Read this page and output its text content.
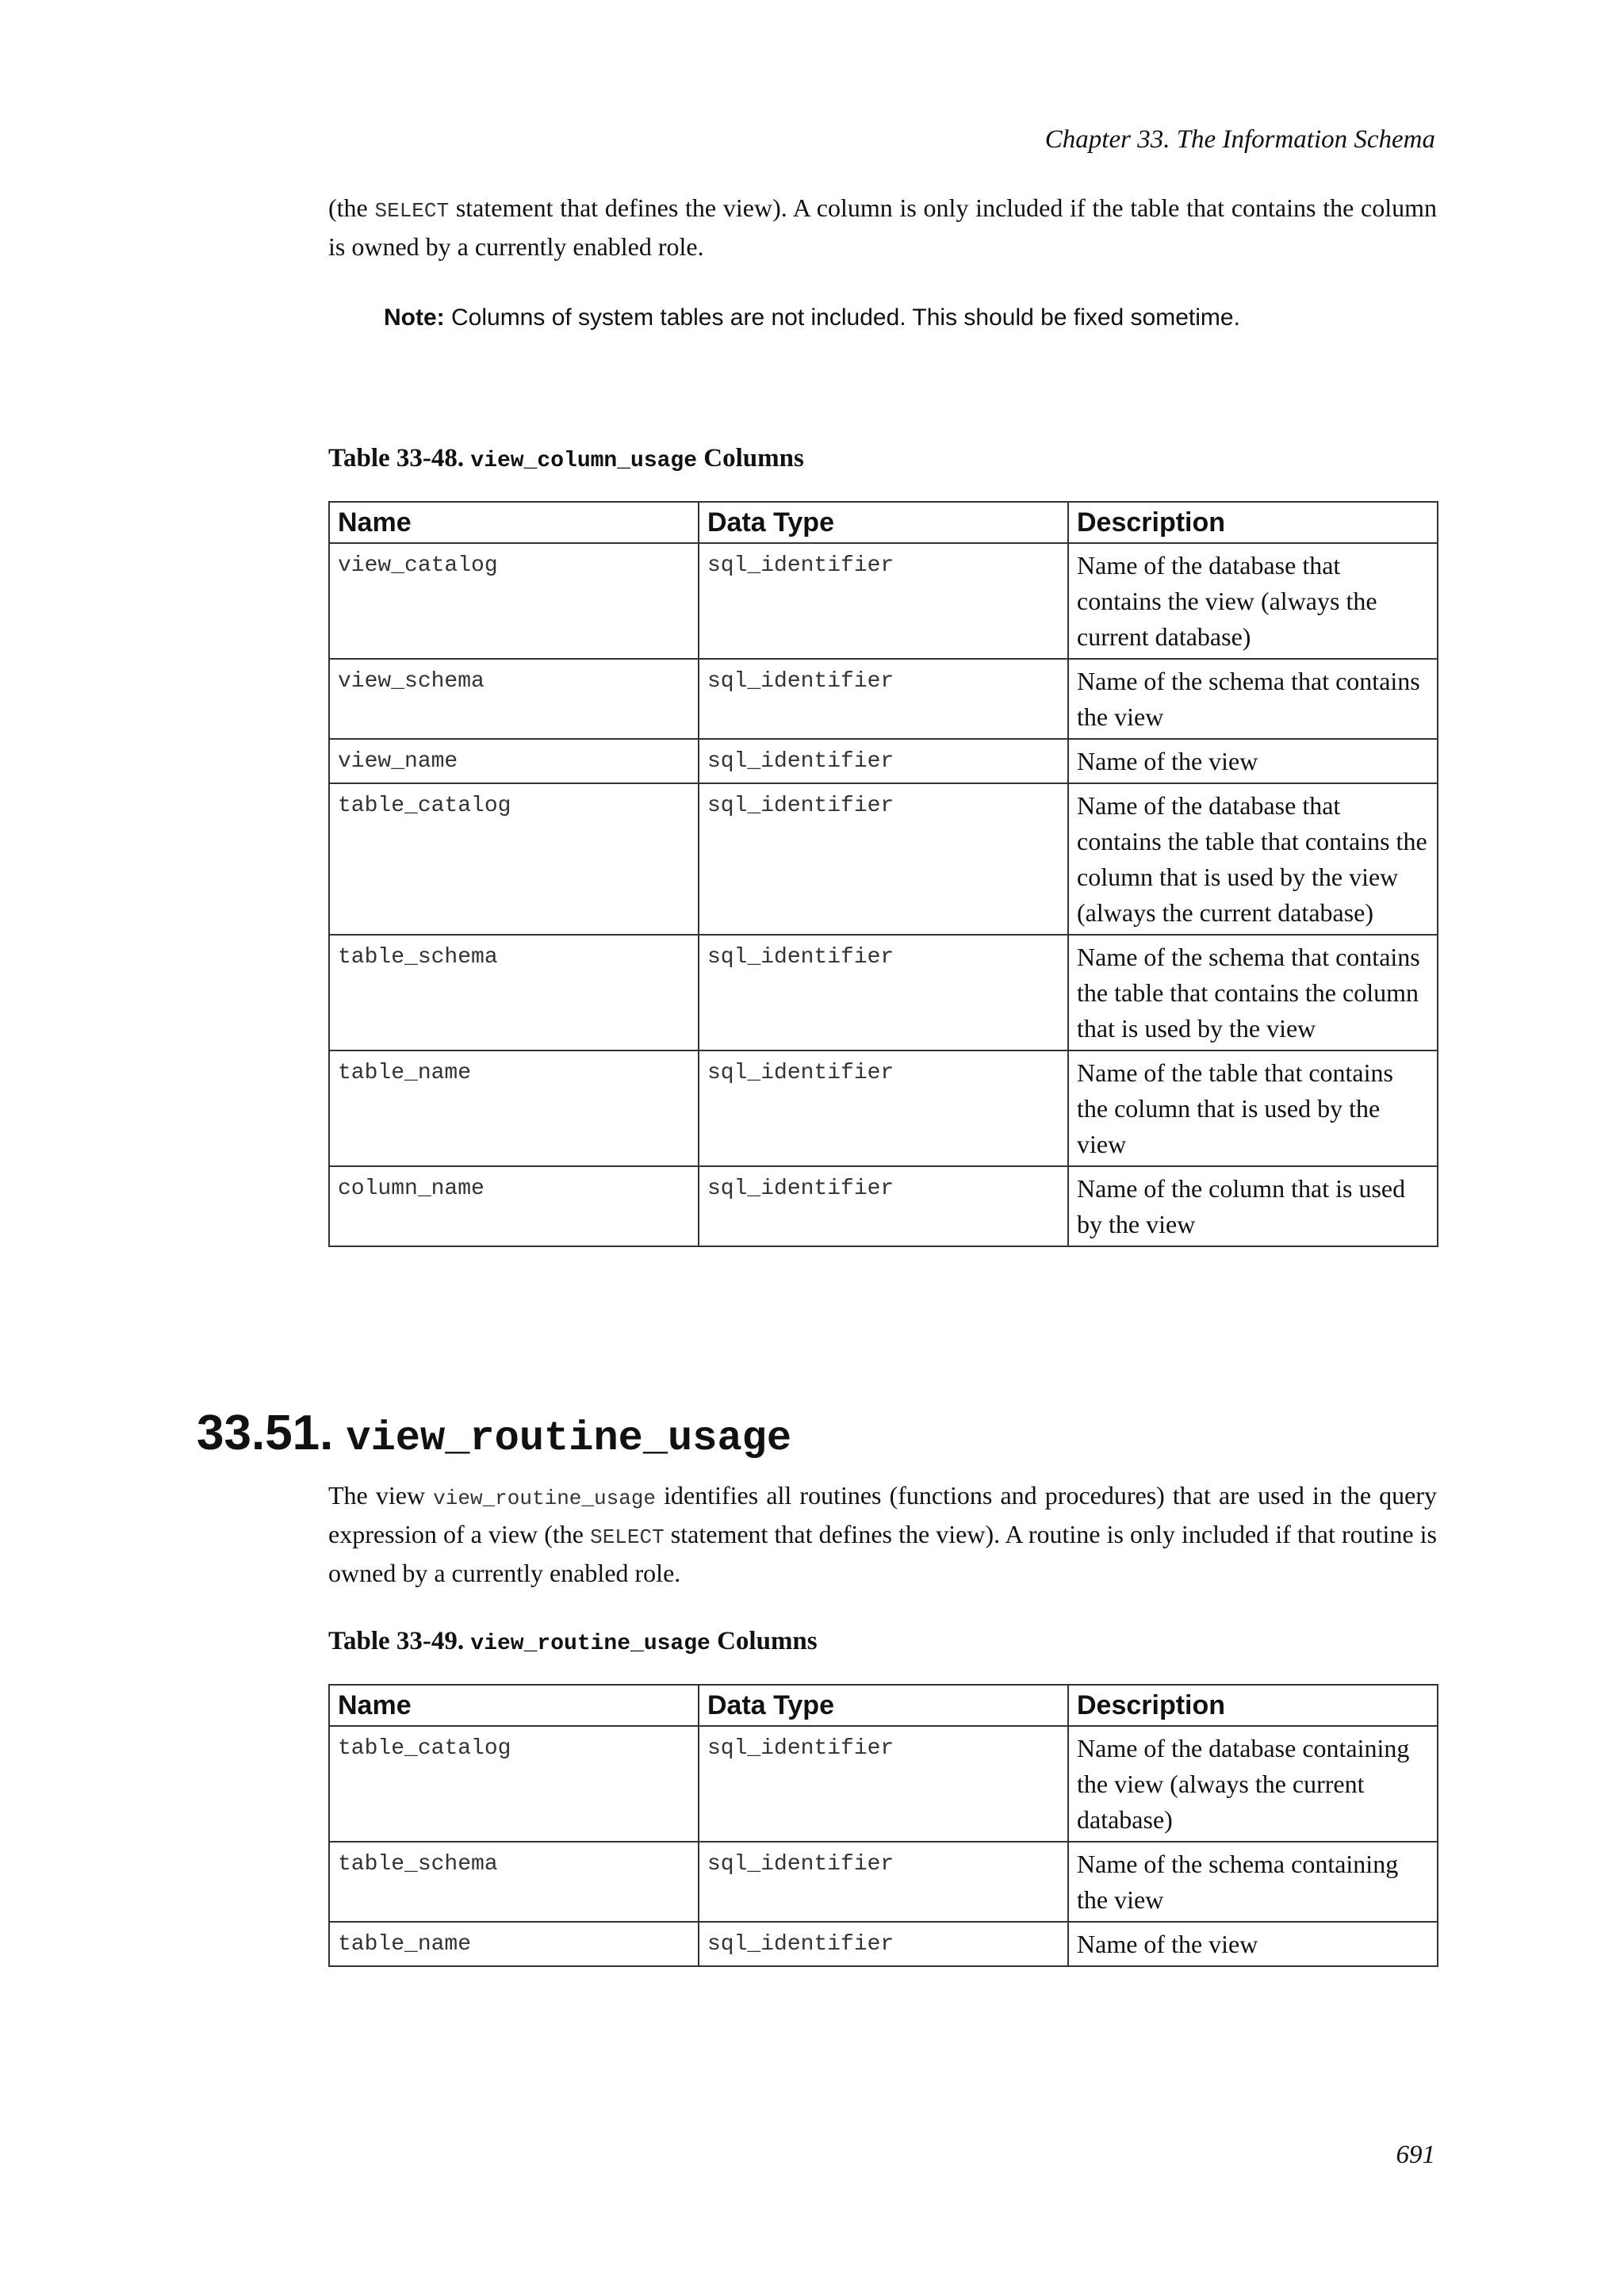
Chapter 33. The Information Schema

(the SELECT statement that defines the view). A column is only included if the table that contains the column is owned by a currently enabled role.

Note: Columns of system tables are not included. This should be fixed sometime.
Table 33-48. view_column_usage Columns
Name	Data Type	Description
view_catalog	sql_identifier	Name of the database that contains the view (always the current database)
view_schema	sql_identifier	Name of the schema that contains the view
view_name	sql_identifier	Name of the view
table_catalog	sql_identifier	Name of the database that contains the table that contains the column that is used by the view (always the current database)
table_schema	sql_identifier	Name of the schema that contains the table that contains the column that is used by the view
table_name	sql_identifier	Name of the table that contains the column that is used by the view
column_name	sql_identifier	Name of the column that is used by the view
33.51. view_routine_usage

The view view_routine_usage identifies all routines (functions and procedures) that are used in the query expression of a view (the SELECT statement that defines the view). A routine is only included if that routine is owned by a currently enabled role.

Table 33-49. view_routine_usage Columns
Name	Data Type	Description
table_catalog	sql_identifier	Name of the database containing the view (always the current database)
table_schema	sql_identifier	Name of the schema containing the view
table_name	sql_identifier	Name of the view
691
